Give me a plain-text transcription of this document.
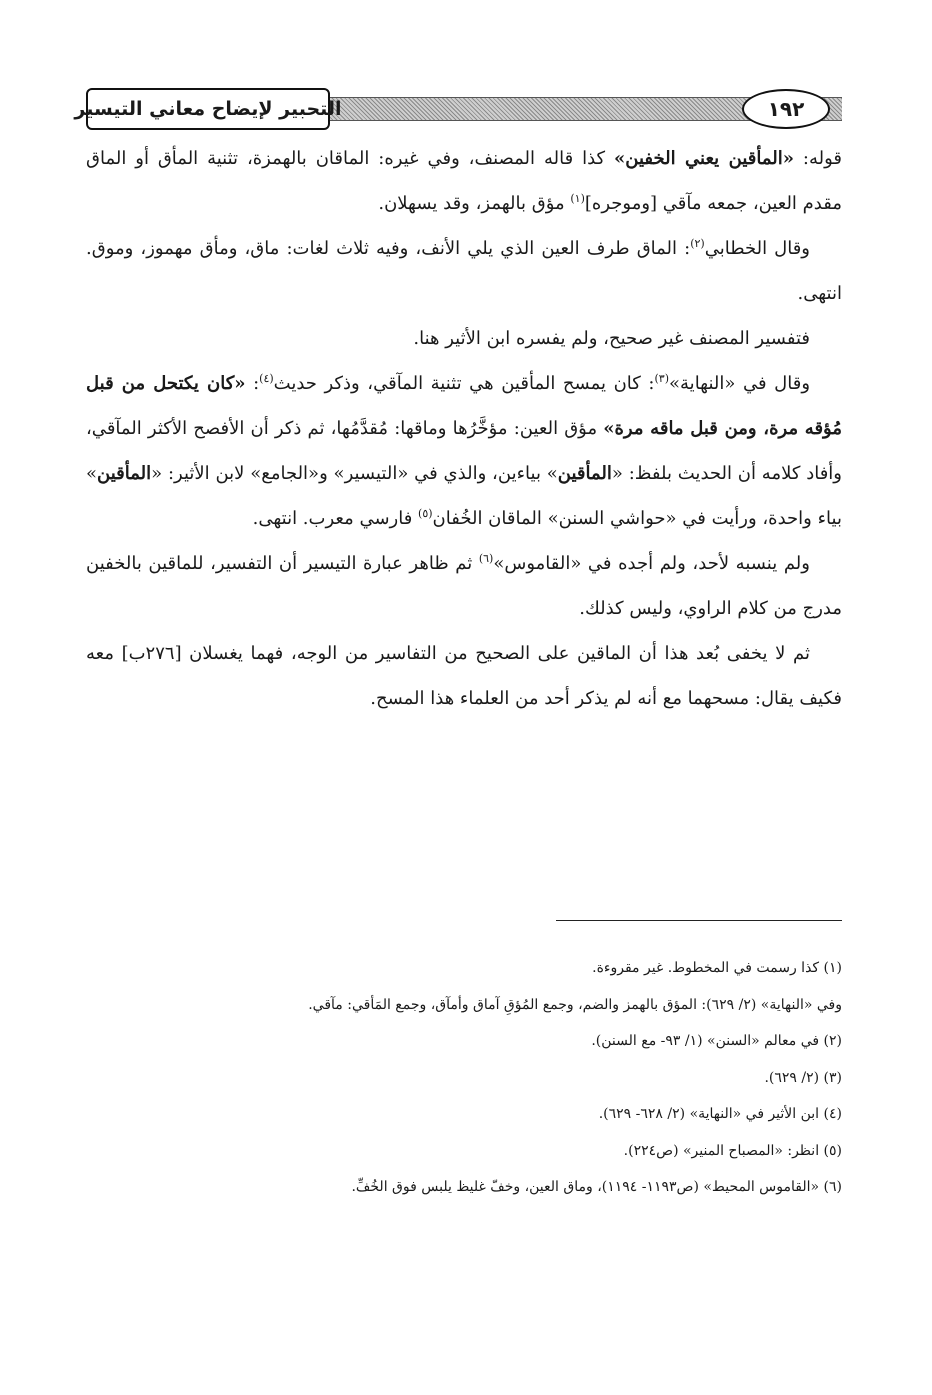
التحبير لإيضاح معاني التيسير	١٩٢

قوله: «المأقين يعني الخفين» كذا قاله المصنف، وفي غيره: الماقان بالهمزة، تثنية المأق أو الماق مقدم العين، جمعه مآقي [وموجره]$^{(١)}$ مؤق بالهمز، وقد يسهلان.

وقال الخطابي$^{(٢)}$: الماق طرف العين الذي يلي الأنف، وفيه ثلاث لغات: ماق، ومأق مهموز، وموق. انتهى.

فتفسير المصنف غير صحيح، ولم يفسره ابن الأثير هنا.

وقال في «النهاية»$^{(٣)}$: كان يمسح المأقين هي تثنية المآقي، وذكر حديث$^{(٤)}$: «كان يكتحل من قبل مُؤقه مرة، ومن قبل ماقه مرة» مؤق العين: مؤخَّرُها وماقها: مُقدَّمُها، ثم ذكر أن الأفصح الأكثر المآقي، وأفاد كلامه أن الحديث بلفظ: «المأقين» بياءين، والذي في «التيسير» و«الجامع» لابن الأثير: «المأقين» بياء واحدة، ورأيت في «حواشي السنن» الماقان الخُفان$^{(٥)}$ فارسي معرب. انتهى.

ولم ينسبه لأحد، ولم أجده في «القاموس»$^{(٦)}$ ثم ظاهر عبارة التيسير أن التفسير، للماقين بالخفين مدرج من كلام الراوي، وليس كذلك.

ثم لا يخفى بُعد هذا أن الماقين على الصحيح من التفاسير من الوجه، فهما يغسلان [٢٧٦ب] معه فكيف يقال: مسحهما مع أنه لم يذكر أحد من العلماء هذا المسح.

(١) كذا رسمت في المخطوط. غير مقروءة.

وفي «النهاية» (٢/ ٦٢٩): المؤق بالهمز والضم، وجمع المُؤقِ آماق وأمآق، وجمع المَأقي: مآقي.

(٢) في معالم «السنن» (١/ ٩٣- مع السنن).

(٣) (٢/ ٦٢٩).

(٤) ابن الأثير في «النهاية» (٢/ ٦٢٨- ٦٢٩).

(٥) انظر: «المصباح المنير» (ص٢٢٤).

(٦) «القاموس المحيط» (ص١١٩٣- ١١٩٤)، وماق العين، وخفّ غليظ يلبس فوق الخُفِّ.
